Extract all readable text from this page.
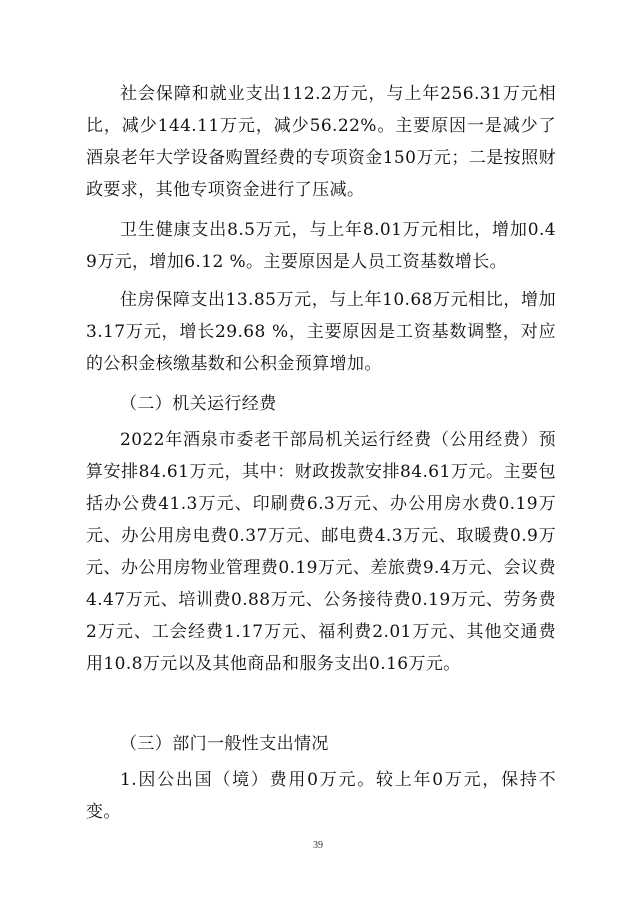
社会保障和就业支出112.2万元，与上年256.31万元相比，减少144.11万元，减少56.22%。主要原因一是减少了酒泉老年大学设备购置经费的专项资金150万元；二是按照财政要求，其他专项资金进行了压减。

卫生健康支出8.5万元，与上年8.01万元相比，增加0.49万元，增加6.12 %。主要原因是人员工资基数增长。

住房保障支出13.85万元，与上年10.68万元相比，增加3.17万元，增长29.68 %，主要原因是工资基数调整，对应的公积金核缴基数和公积金预算增加。

（二）机关运行经费

2022年酒泉市委老干部局机关运行经费（公用经费）预算安排84.61万元，其中：财政拨款安排84.61万元。主要包括办公费41.3万元、印刷费6.3万元、办公用房水费0.19万元、办公用房电费0.37万元、邮电费4.3万元、取暖费0.9万元、办公用房物业管理费0.19万元、差旅费9.4万元、会议费4.47万元、培训费0.88万元、公务接待费0.19万元、劳务费2万元、工会经费1.17万元、福利费2.01万元、其他交通费用10.8万元以及其他商品和服务支出0.16万元。

（三）部门一般性支出情况

1.因公出国（境）费用0万元。较上年0万元，保持不变。

39
